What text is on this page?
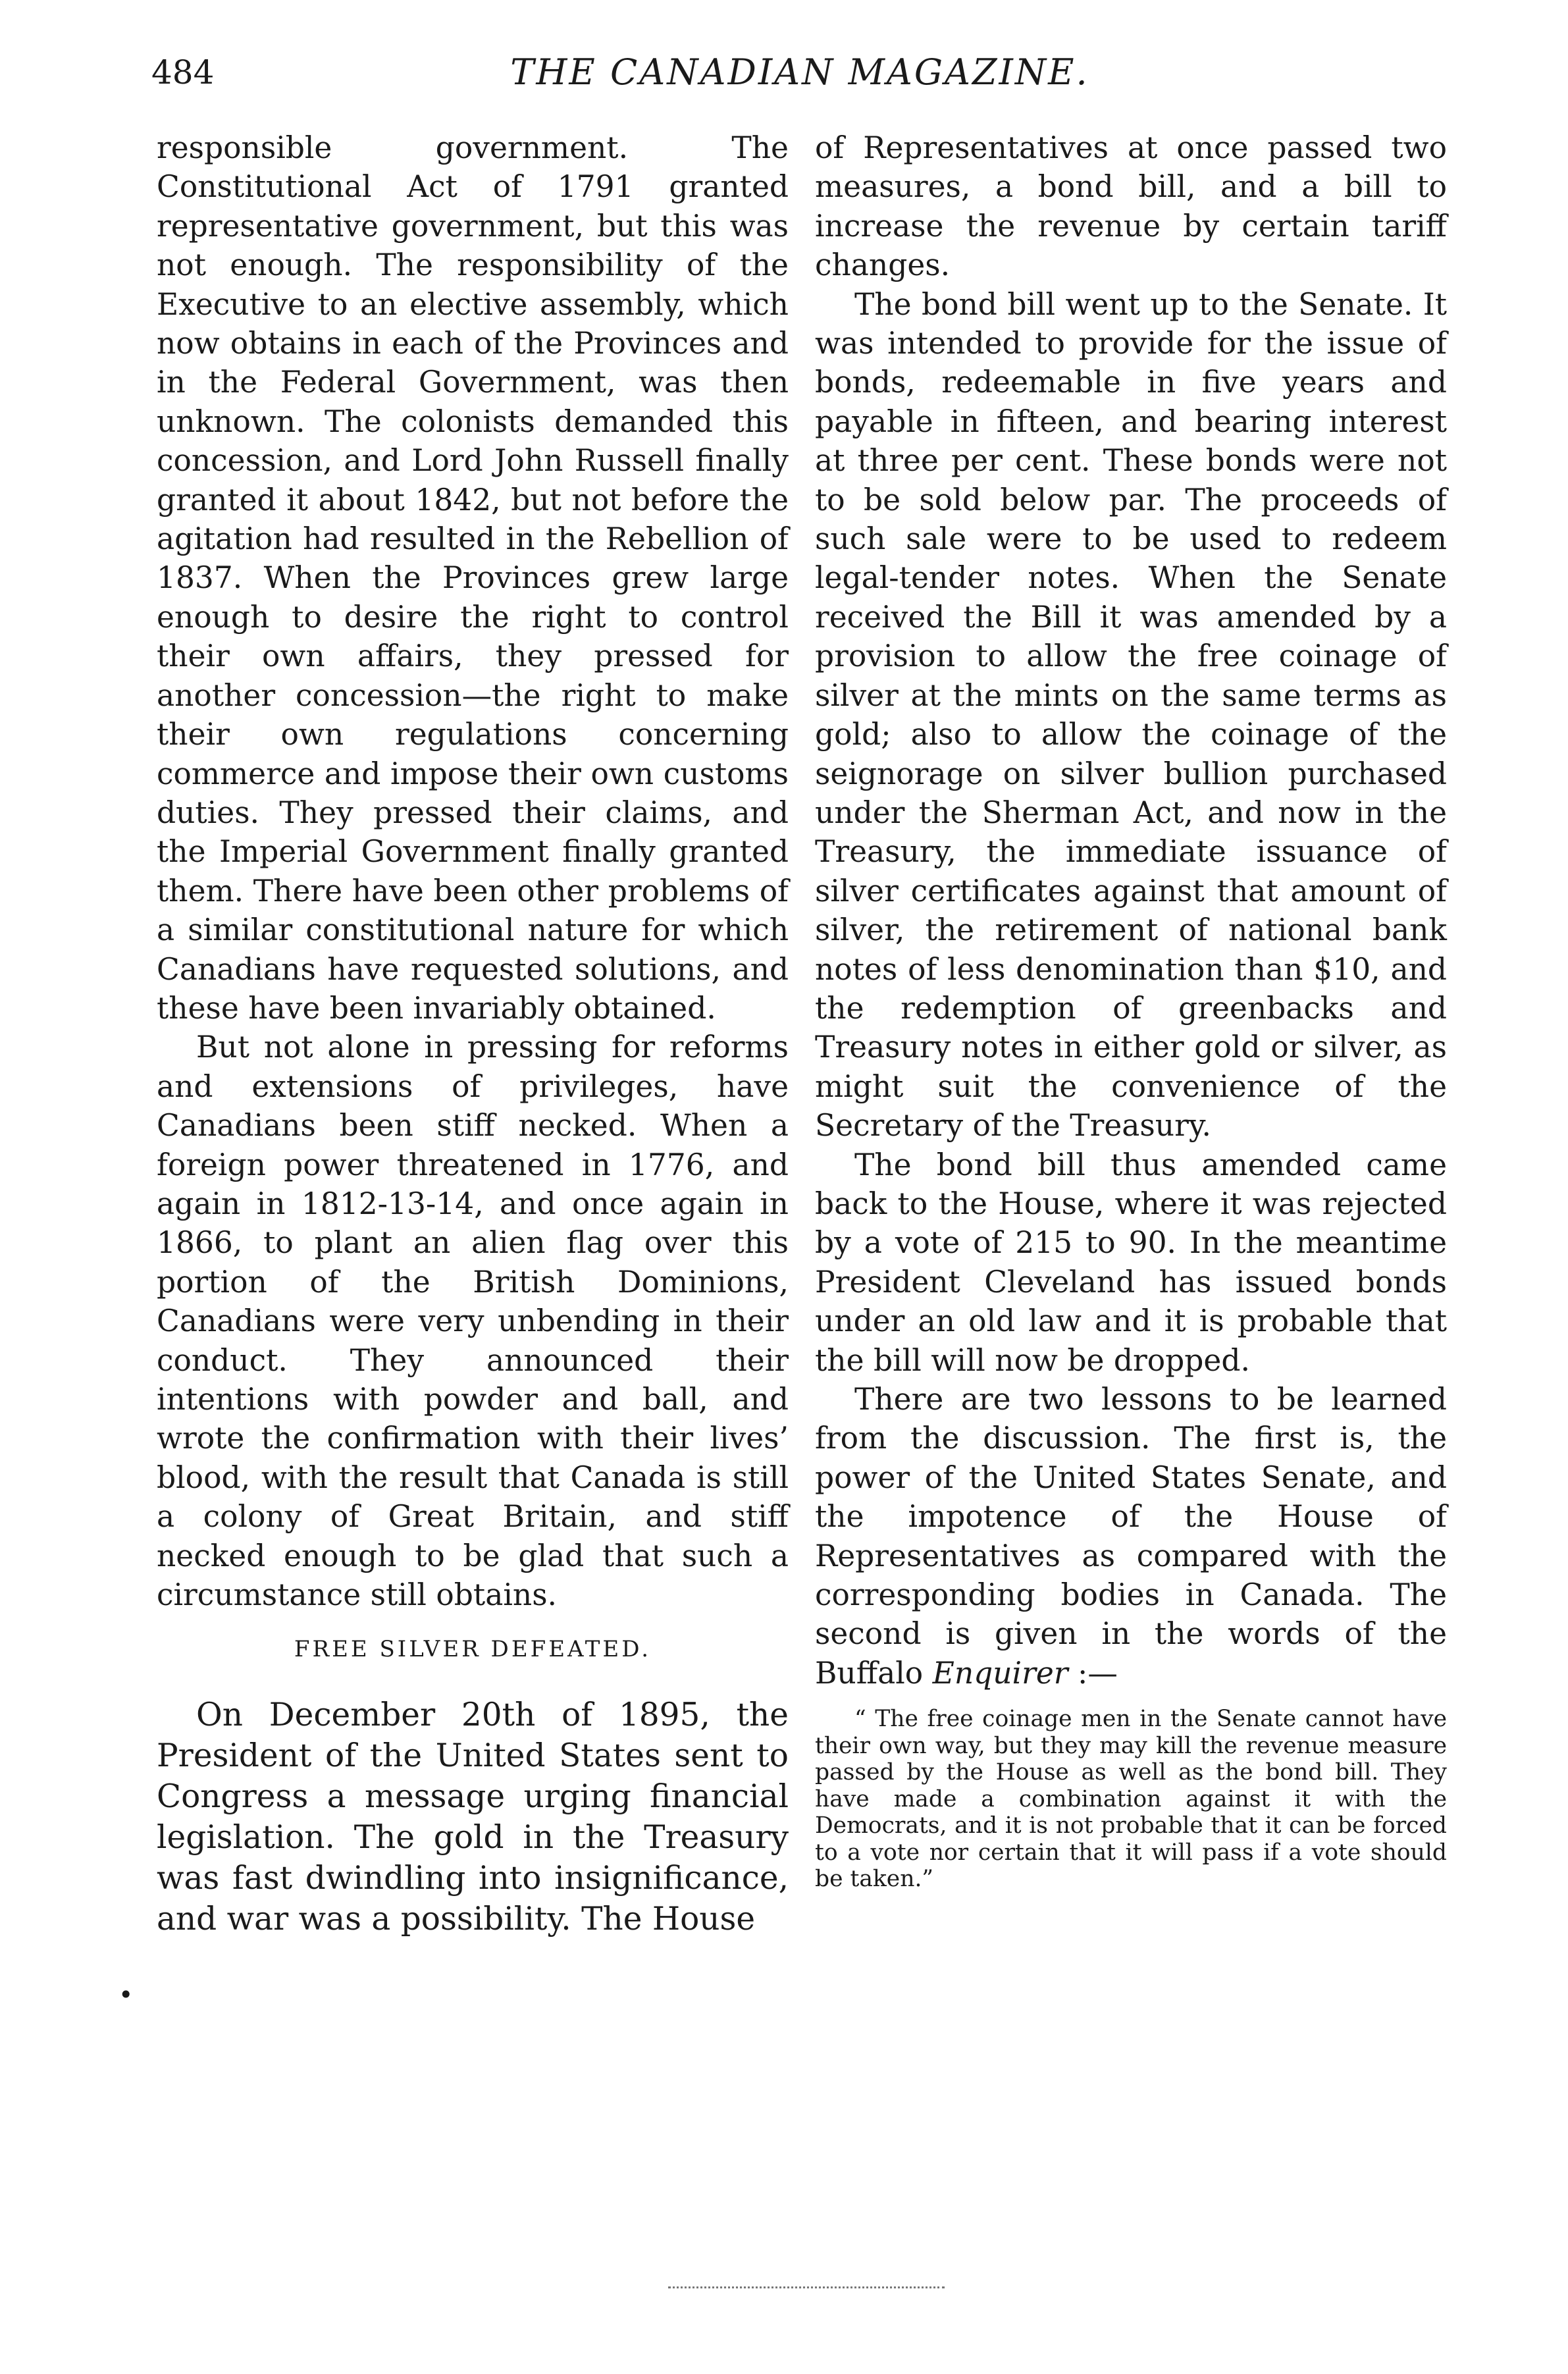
484	THE CANADIAN MAGAZINE.

responsible government. The Constitutional Act of 1791 granted representative government, but this was not enough. The responsibility of the Executive to an elective assembly, which now obtains in each of the Provinces and in the Federal Government, was then unknown. The colonists demanded this concession, and Lord John Russell finally granted it about 1842, but not before the agitation had resulted in the Rebellion of 1837. When the Provinces grew large enough to desire the right to control their own affairs, they pressed for another concession—the right to make their own regulations concerning commerce and impose their own customs duties. They pressed their claims, and the Imperial Government finally granted them. There have been other problems of a similar constitutional nature for which Canadians have requested solutions, and these have been invariably obtained.

But not alone in pressing for reforms and extensions of privileges, have Canadians been stiff necked. When a foreign power threatened in 1776, and again in 1812-13-14, and once again in 1866, to plant an alien flag over this portion of the British Dominions, Canadians were very unbending in their conduct. They announced their intentions with powder and ball, and wrote the confirmation with their lives’ blood, with the result that Canada is still a colony of Great Britain, and stiff necked enough to be glad that such a circumstance still obtains.

FREE SILVER DEFEATED.

On December 20th of 1895, the President of the United States sent to Congress a message urging financial legislation. The gold in the Treasury was fast dwindling into insignificance, and war was a possibility. The House

•

of Representatives at once passed two measures, a bond bill, and a bill to increase the revenue by certain tariff changes.

The bond bill went up to the Senate. It was intended to provide for the issue of bonds, redeemable in five years and payable in fifteen, and bearing interest at three per cent. These bonds were not to be sold below par. The proceeds of such sale were to be used to redeem legal-tender notes. When the Senate received the Bill it was amended by a provision to allow the free coinage of silver at the mints on the same terms as gold; also to allow the coinage of the seignorage on silver bullion purchased under the Sherman Act, and now in the Treasury, the immediate issuance of silver certificates against that amount of silver, the retirement of national bank notes of less denomination than $10, and the redemption of greenbacks and Treasury notes in either gold or silver, as might suit the convenience of the Secretary of the Treasury.

The bond bill thus amended came back to the House, where it was rejected by a vote of 215 to 90. In the meantime President Cleveland has issued bonds under an old law and it is probable that the bill will now be dropped.

There are two lessons to be learned from the discussion. The first is, the power of the United States Senate, and the impotence of the House of Representatives as compared with the corresponding bodies in Canada. The second is given in the words of the Buffalo Enquirer :—

“ The free coinage men in the Senate cannot have their own way, but they may kill the revenue measure passed by the House as well as the bond bill. They have made a combination against it with the Democrats, and it is not probable that it can be forced to a vote nor certain that it will pass if a vote should be taken.”
